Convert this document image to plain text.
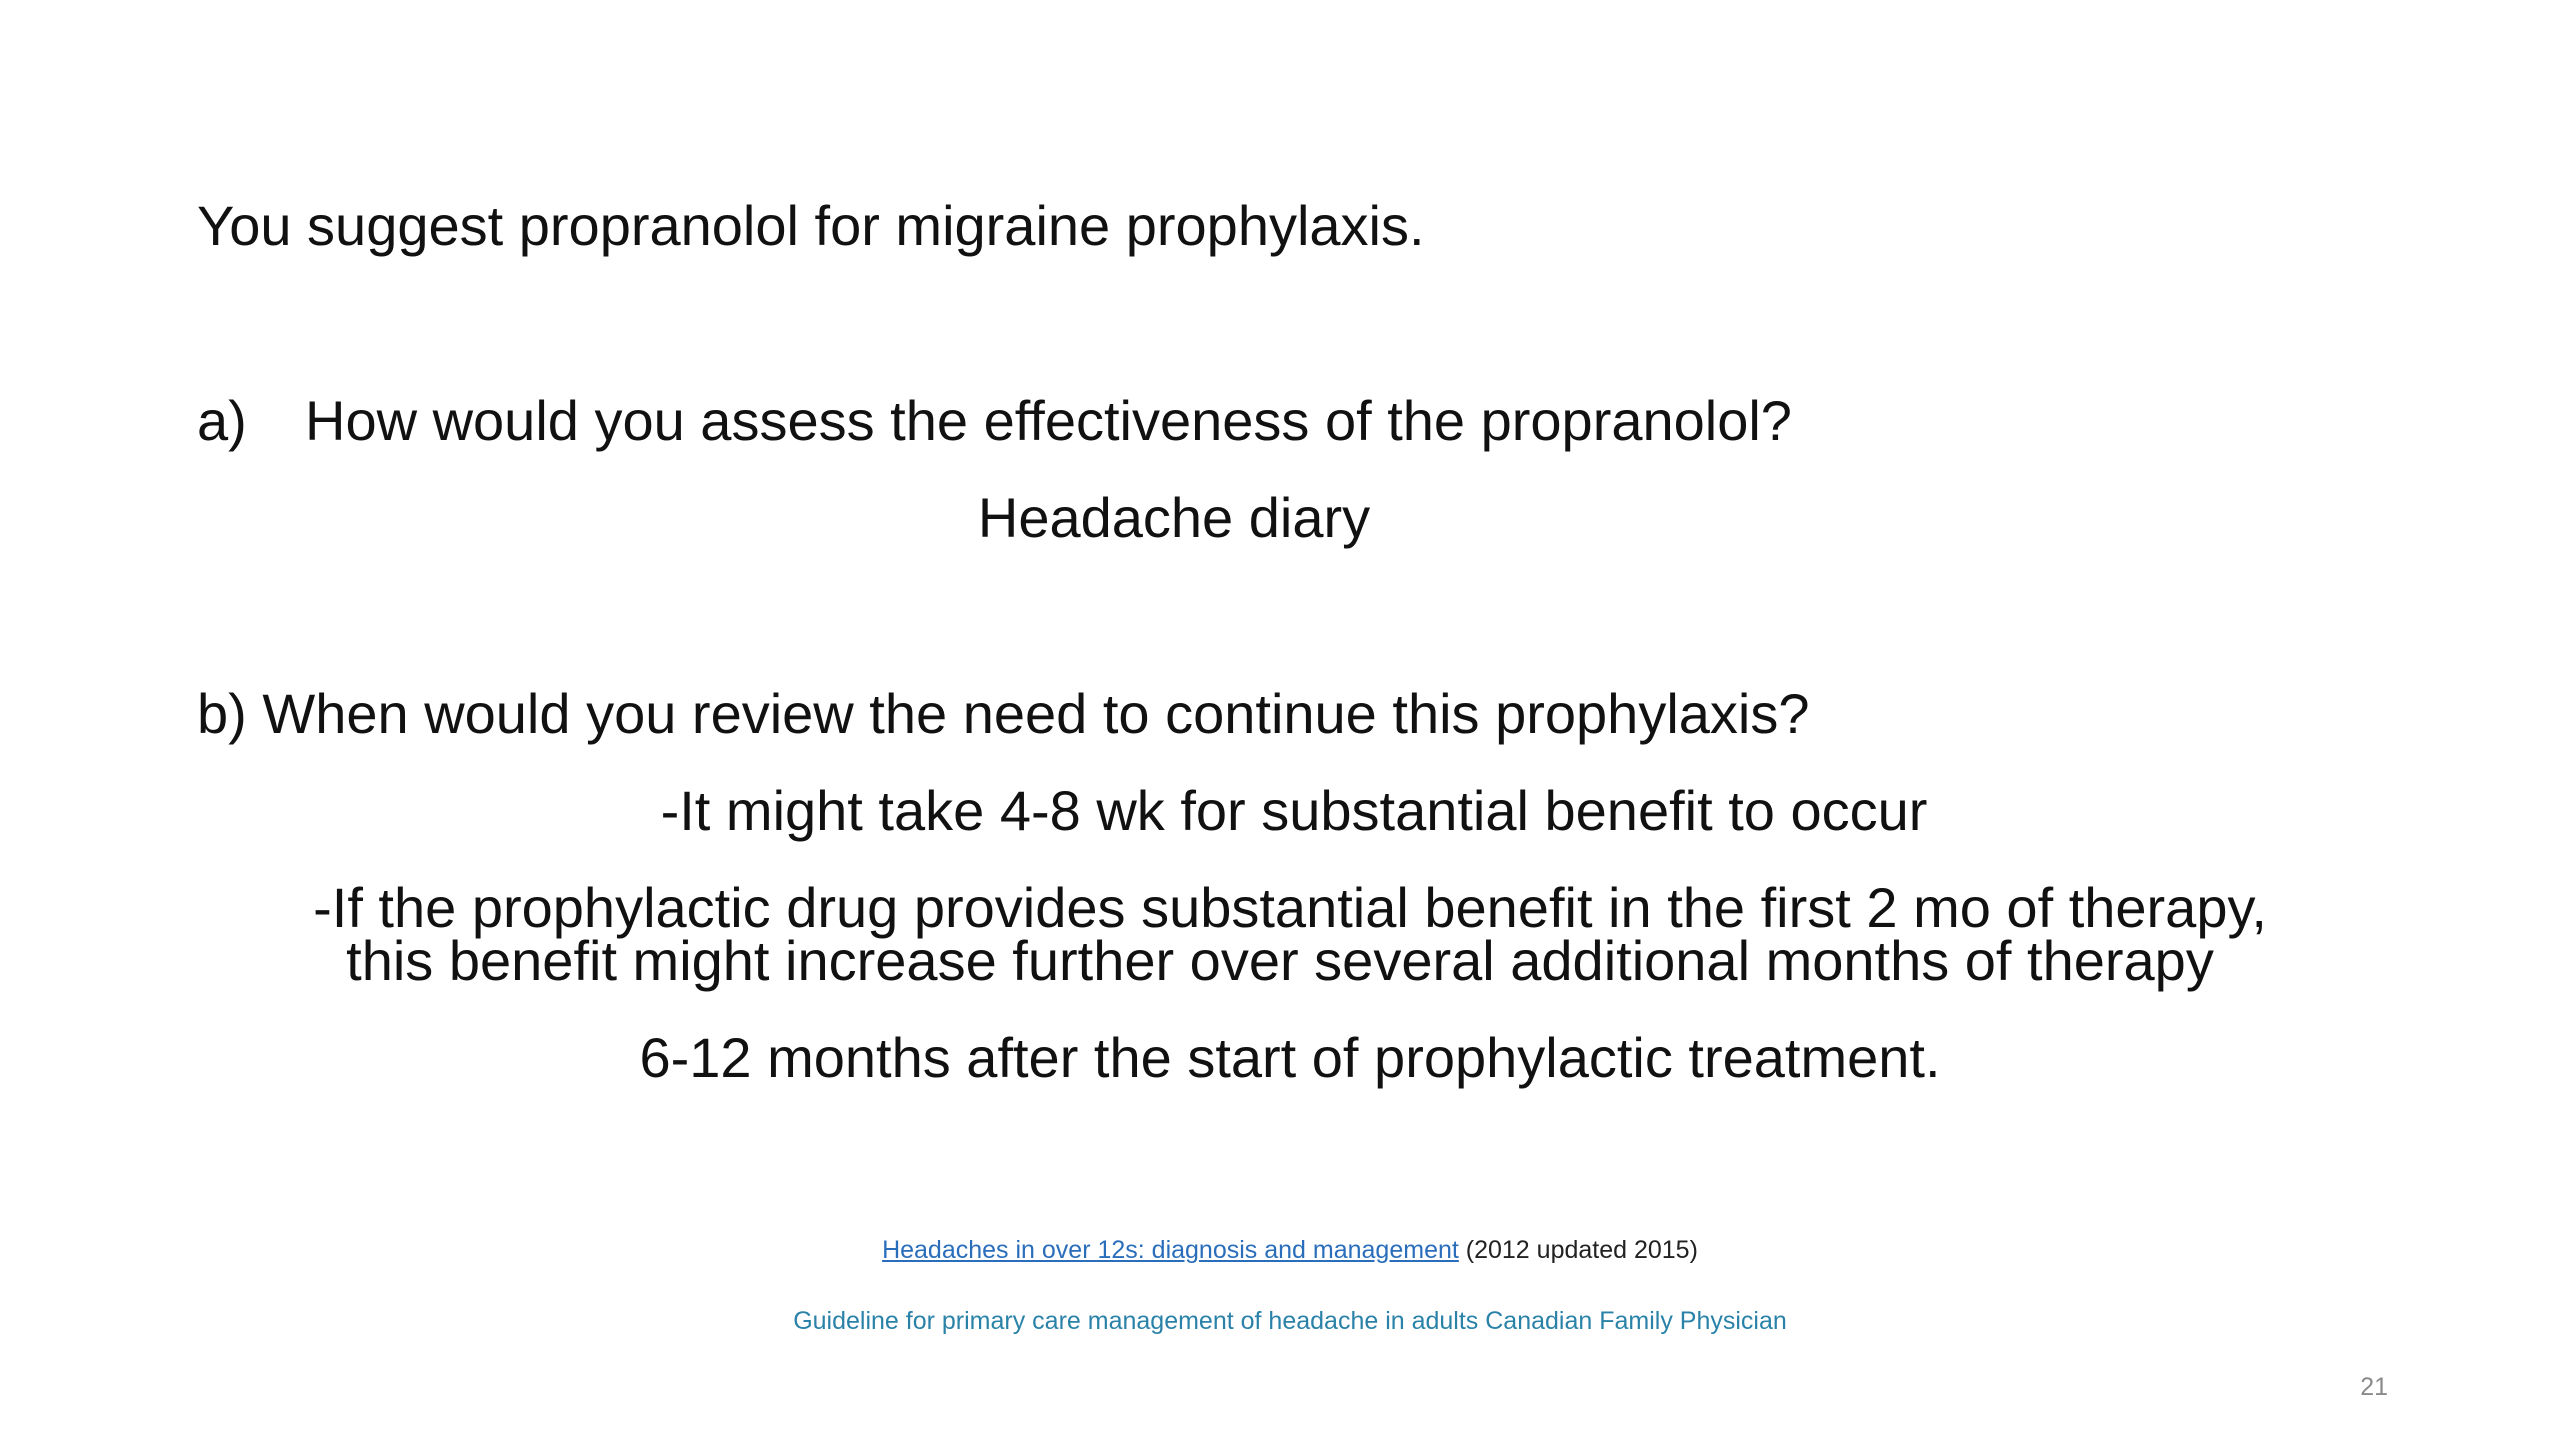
You suggest propranolol for migraine prophylaxis.
a) How would you assess the effectiveness of the propranolol?
Headache diary
b) When would you review the need to continue this prophylaxis?
-It might take 4-8 wk for substantial benefit to occur
-If the prophylactic drug provides substantial benefit in the first 2 mo of therapy,
this benefit might increase further over several additional months of therapy
6-12 months after the start of prophylactic treatment.
Headaches in over 12s: diagnosis and management (2012 updated 2015)
Guideline for primary care management of headache in adults Canadian Family Physician
21
